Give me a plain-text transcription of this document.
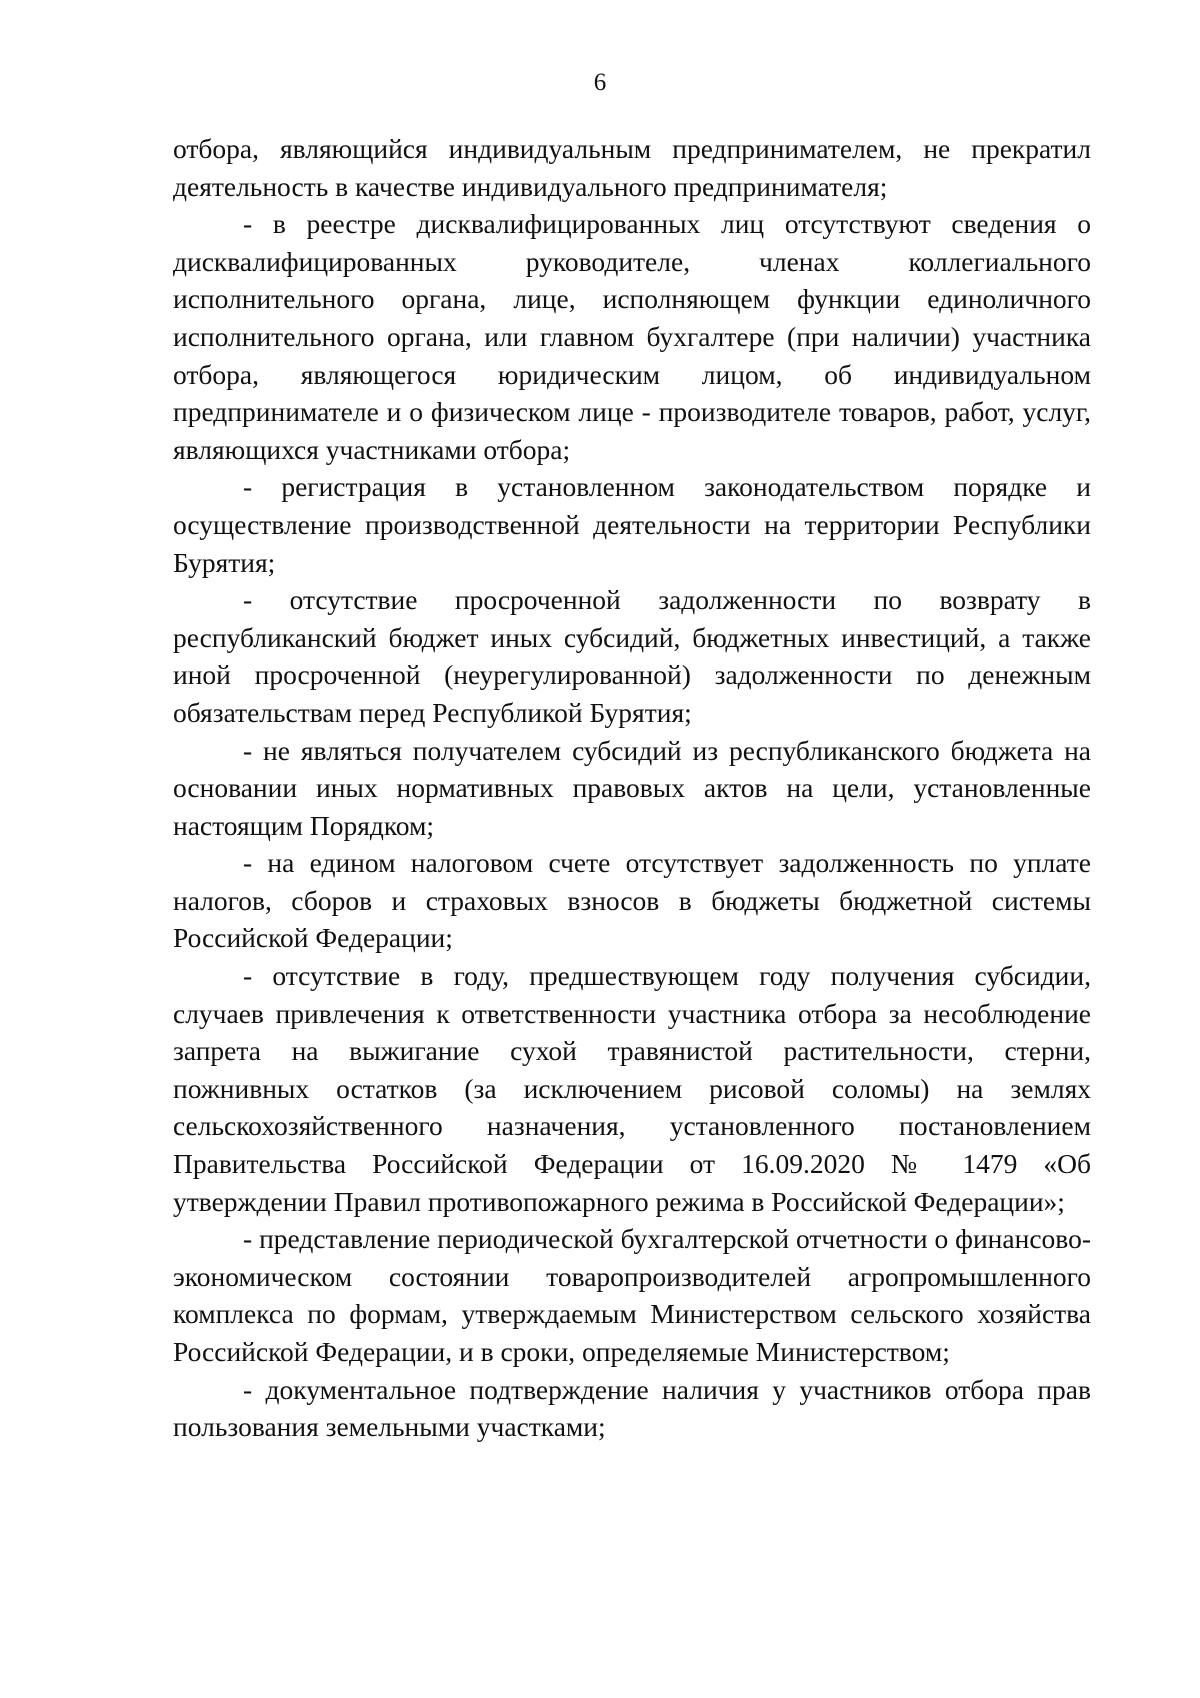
6

отбора, являющийся индивидуальным предпринимателем, не прекратил деятельность в качестве индивидуального предпринимателя;

- в реестре дисквалифицированных лиц отсутствуют сведения о дисквалифицированных руководителе, членах коллегиального исполнительного органа, лице, исполняющем функции единоличного исполнительного органа, или главном бухгалтере (при наличии) участника отбора, являющегося юридическим лицом, об индивидуальном предпринимателе и о физическом лице - производителе товаров, работ, услуг, являющихся участниками отбора;

- регистрация в установленном законодательством порядке и осуществление производственной деятельности на территории Республики Бурятия;

- отсутствие просроченной задолженности по возврату в республиканский бюджет иных субсидий, бюджетных инвестиций, а также иной просроченной (неурегулированной) задолженности по денежным обязательствам перед Республикой Бурятия;

- не являться получателем субсидий из республиканского бюджета на основании иных нормативных правовых актов на цели, установленные настоящим Порядком;

- на едином налоговом счете отсутствует задолженность по уплате налогов, сборов и страховых взносов в бюджеты бюджетной системы Российской Федерации;

- отсутствие в году, предшествующем году получения субсидии, случаев привлечения к ответственности участника отбора за несоблюдение запрета на выжигание сухой травянистой растительности, стерни, пожнивных остатков (за исключением рисовой соломы) на землях сельскохозяйственного назначения, установленного постановлением Правительства Российской Федерации от 16.09.2020 № 1479 «Об утверждении Правил противопожарного режима в Российской Федерации»;

- представление периодической бухгалтерской отчетности о финансово-экономическом состоянии товаропроизводителей агропромышленного комплекса по формам, утверждаемым Министерством сельского хозяйства Российской Федерации, и в сроки, определяемые Министерством;

- документальное подтверждение наличия у участников отбора прав пользования земельными участками;
